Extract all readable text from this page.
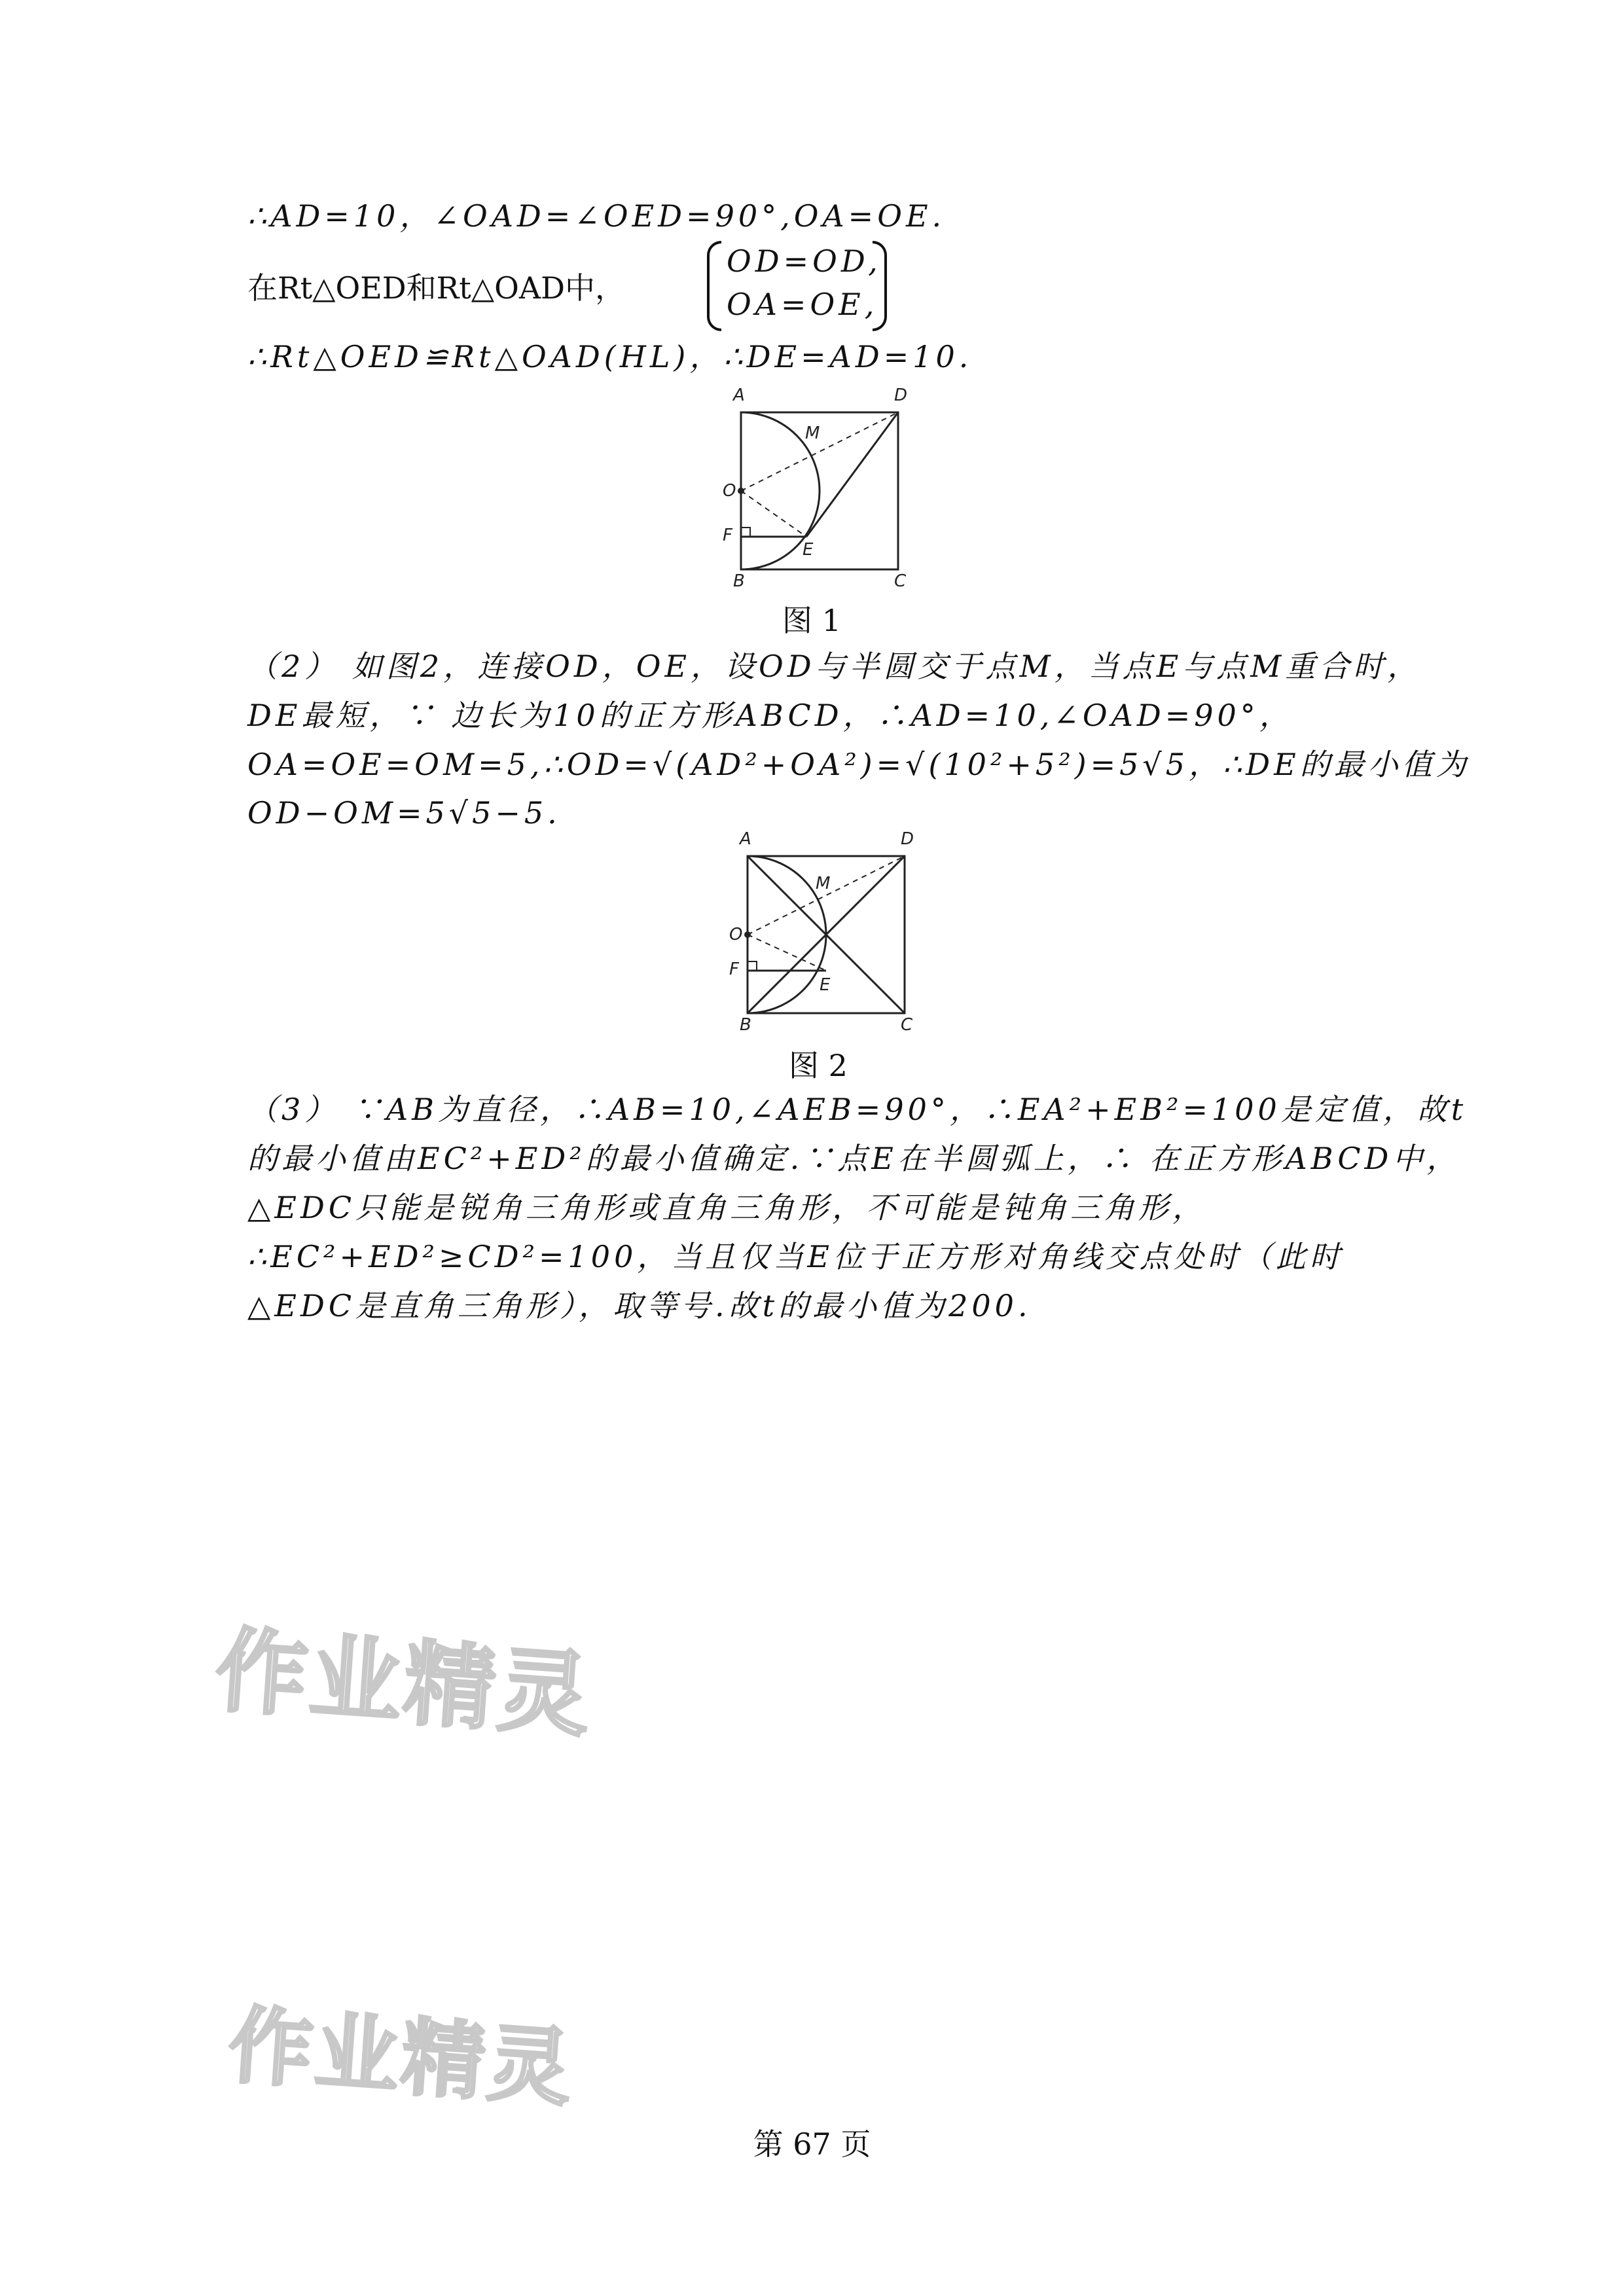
∴AD=10，∠OAD=∠OED=90°,OA=OE.
在Rt△OED和Rt△OAD中，
OD=OD,
OA=OE,
∴Rt△OED≌Rt△OAD(HL)，∴DE=AD=10.
A	D
M
O
F
E
B	C
图 1
（2） 如图2，连接OD，OE，设OD与半圆交于点M，当点E与点M重合时，
DE最短，∵ 边长为10的正方形ABCD，∴AD=10,∠OAD=90°，
OA=OE=OM=5,∴OD=√(AD²+OA²)=√(10²+5²)=5√5，∴DE的最小值为
OD−OM=5√5−5.
A	D
M
O
F
E
B	C
图 2
（3） ∵AB为直径，∴AB=10,∠AEB=90°，∴EA²+EB²=100是定值，故t
的最小值由EC²+ED²的最小值确定.∵点E在半圆弧上，∴ 在正方形ABCD中，
△EDC只能是锐角三角形或直角三角形，不可能是钝角三角形，
∴EC²+ED²≥CD²=100，当且仅当E位于正方形对角线交点处时（此时
△EDC是直角三角形），取等号.故t的最小值为200.
作业精灵
作业精灵
第 67 页
